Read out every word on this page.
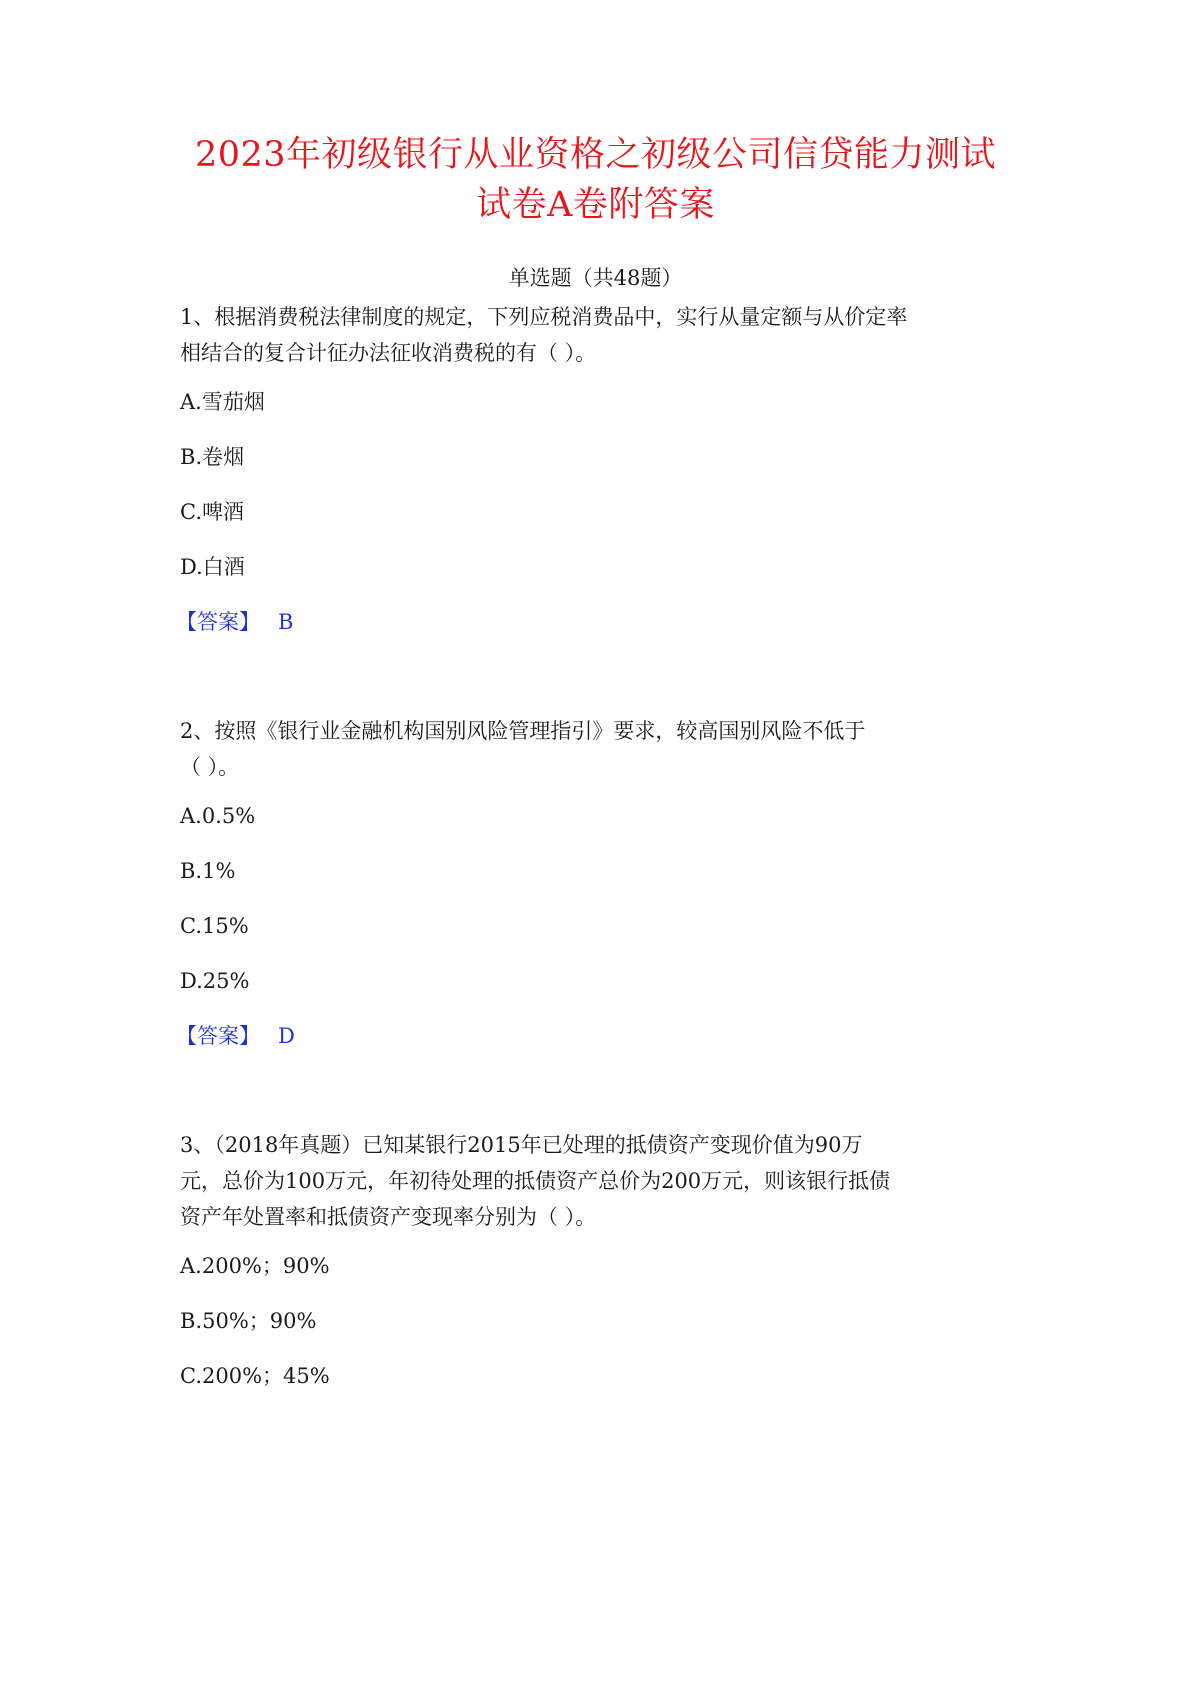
2023年初级银行从业资格之初级公司信贷能力测试
试卷A卷附答案
单选题（共48题）
1、根据消费税法律制度的规定，下列应税消费品中，实行从量定额与从价定率
相结合的复合计征办法征收消费税的有（ ）。
A.雪茄烟
B.卷烟
C.啤酒
D.白酒
【答案】 B
2、按照《银行业金融机构国别风险管理指引》要求，较高国别风险不低于
（ ）。
A.0.5%
B.1%
C.15%
D.25%
【答案】 D
3、（2018年真题）已知某银行2015年已处理的抵债资产变现价值为90万
元，总价为100万元，年初待处理的抵债资产总价为200万元，则该银行抵债
资产年处置率和抵债资产变现率分别为（ ）。
A.200%；90%
B.50%；90%
C.200%；45%
